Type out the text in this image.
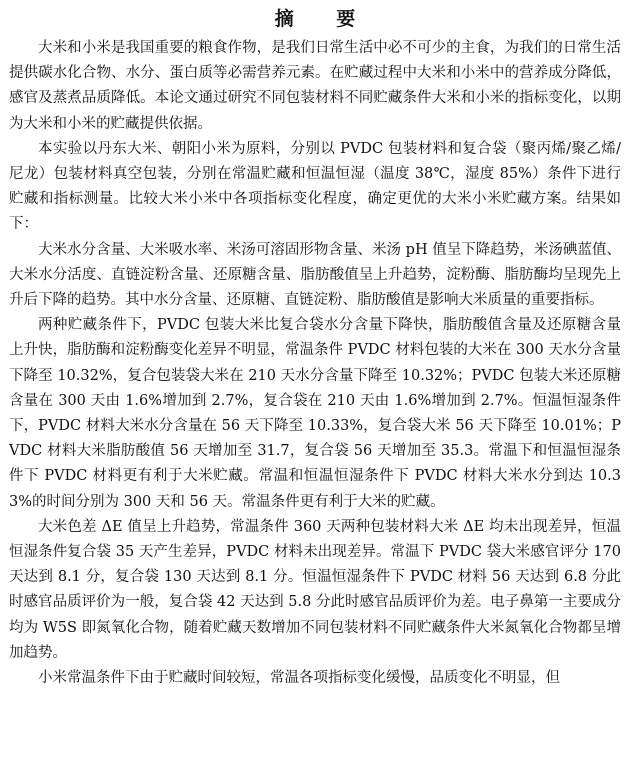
摘 要

大米和小米是我国重要的粮食作物，是我们日常生活中必不可少的主食，为我们的日常生活提供碳水化合物、水分、蛋白质等必需营养元素。在贮藏过程中大米和小米中的营养成分降低，感官及蒸煮品质降低。本论文通过研究不同包装材料不同贮藏条件大米和小米的指标变化，以期为大米和小米的贮藏提供依据。

本实验以丹东大米、朝阳小米为原料，分别以 PVDC 包装材料和复合袋（聚丙烯/聚乙烯/尼龙）包装材料真空包装，分别在常温贮藏和恒温恒湿（温度 38℃，湿度 85%）条件下进行贮藏和指标测量。比较大米小米中各项指标变化程度，确定更优的大米小米贮藏方案。结果如下：

大米水分含量、大米吸水率、米汤可溶固形物含量、米汤 pH 值呈下降趋势，米汤碘蓝值、大米水分活度、直链淀粉含量、还原糖含量、脂肪酸值呈上升趋势，淀粉酶、脂肪酶均呈现先上升后下降的趋势。其中水分含量、还原糖、直链淀粉、脂肪酸值是影响大米质量的重要指标。

两种贮藏条件下，PVDC 包装大米比复合袋水分含量下降快，脂肪酸值含量及还原糖含量上升快，脂肪酶和淀粉酶变化差异不明显，常温条件 PVDC 材料包装的大米在 300 天水分含量下降至 10.32%，复合包装袋大米在 210 天水分含量下降至 10.32%；PVDC 包装大米还原糖含量在 300 天由 1.6%增加到 2.7%，复合袋在 210 天由 1.6%增加到 2.7%。恒温恒湿条件下，PVDC 材料大米水分含量在 56 天下降至 10.33%，复合袋大米 56 天下降至 10.01%；PVDC 材料大米脂肪酸值 56 天增加至 31.7，复合袋 56 天增加至 35.3。常温下和恒温恒湿条件下 PVDC 材料更有利于大米贮藏。常温和恒温恒湿条件下 PVDC 材料大米水分到达 10.33%的时间分别为 300 天和 56 天。常温条件更有利于大米的贮藏。

大米色差 ΔE 值呈上升趋势，常温条件 360 天两种包装材料大米 ΔE 均未出现差异，恒温恒湿条件复合袋 35 天产生差异，PVDC 材料未出现差异。常温下 PVDC 袋大米感官评分 170 天达到 8.1 分，复合袋 130 天达到 8.1 分。恒温恒湿条件下 PVDC 材料 56 天达到 6.8 分此时感官品质评价为一般，复合袋 42 天达到 5.8 分此时感官品质评价为差。电子鼻第一主要成分均为 W5S 即氮氧化合物，随着贮藏天数增加不同包装材料不同贮藏条件大米氮氧化合物都呈增加趋势。

小米常温条件下由于贮藏时间较短，常温各项指标变化缓慢，品质变化不明显，但
